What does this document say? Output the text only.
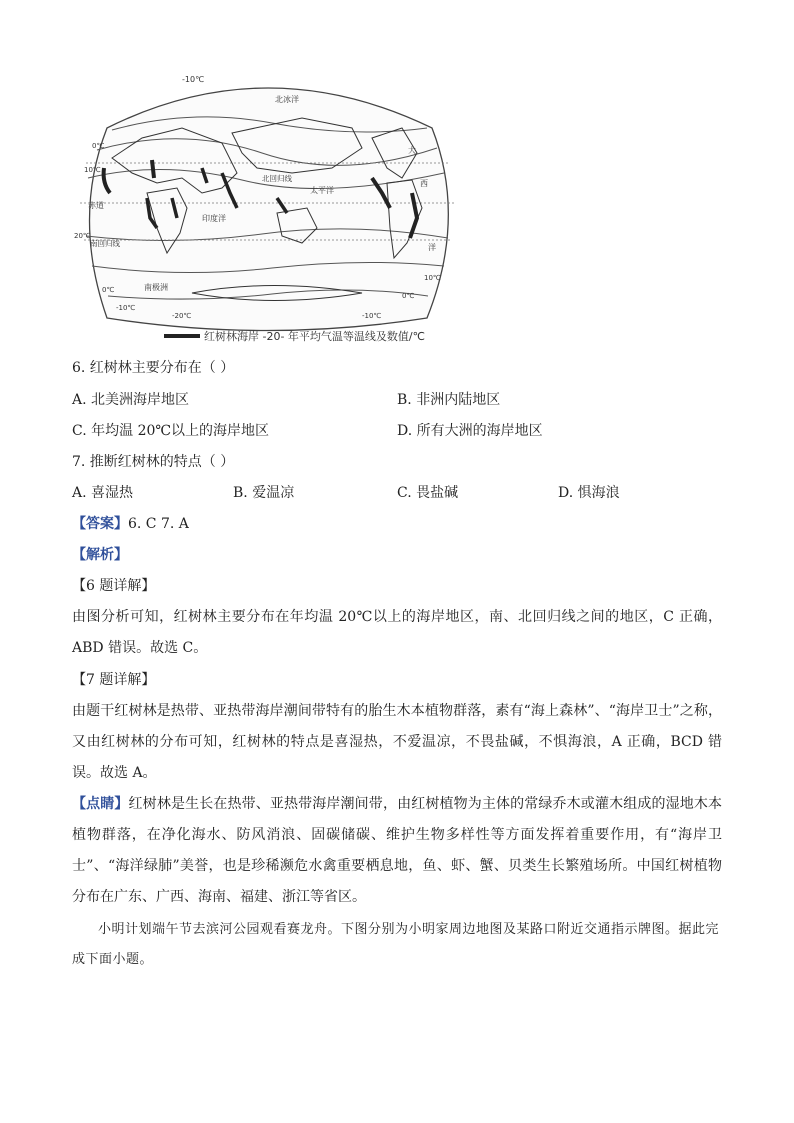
-10℃
北冰洋
北回归线
太平洋
印度洋
赤道
南回归线
南极洲
大
西
洋
0℃
10℃
20℃
0℃
-10℃
-20℃	-10℃
0℃
10℃
红树林海岸 -20- 年平均气温等温线及数值/℃
6. 红树林主要分布在（ ）
A. 北美洲海岸地区	B. 非洲内陆地区
C. 年均温 20℃以上的海岸地区	D. 所有大洲的海岸地区
7. 推断红树林的特点（ ）
A. 喜湿热	B. 爱温凉	C. 畏盐碱	D. 惧海浪
【答案】6. C 7. A
【解析】
【6 题详解】
由图分析可知，红树林主要分布在年均温 20℃以上的海岸地区，南、北回归线之间的地区，C 正确，ABD 错误。故选 C。
【7 题详解】
由题干红树林是热带、亚热带海岸潮间带特有的胎生木本植物群落，素有“海上森林”、“海岸卫士”之称，又由红树林的分布可知，红树林的特点是喜湿热，不爱温凉，不畏盐碱，不惧海浪，A 正确，BCD 错误。故选 A。
【点睛】红树林是生长在热带、亚热带海岸潮间带，由红树植物为主体的常绿乔木或灌木组成的湿地木本植物群落，在净化海水、防风消浪、固碳储碳、维护生物多样性等方面发挥着重要作用，有“海岸卫士”、“海洋绿肺”美誉，也是珍稀濒危水禽重要栖息地，鱼、虾、蟹、贝类生长繁殖场所。中国红树植物分布在广东、广西、海南、福建、浙江等省区。
小明计划端午节去滨河公园观看赛龙舟。下图分别为小明家周边地图及某路口附近交通指示牌图。据此完成下面小题。
